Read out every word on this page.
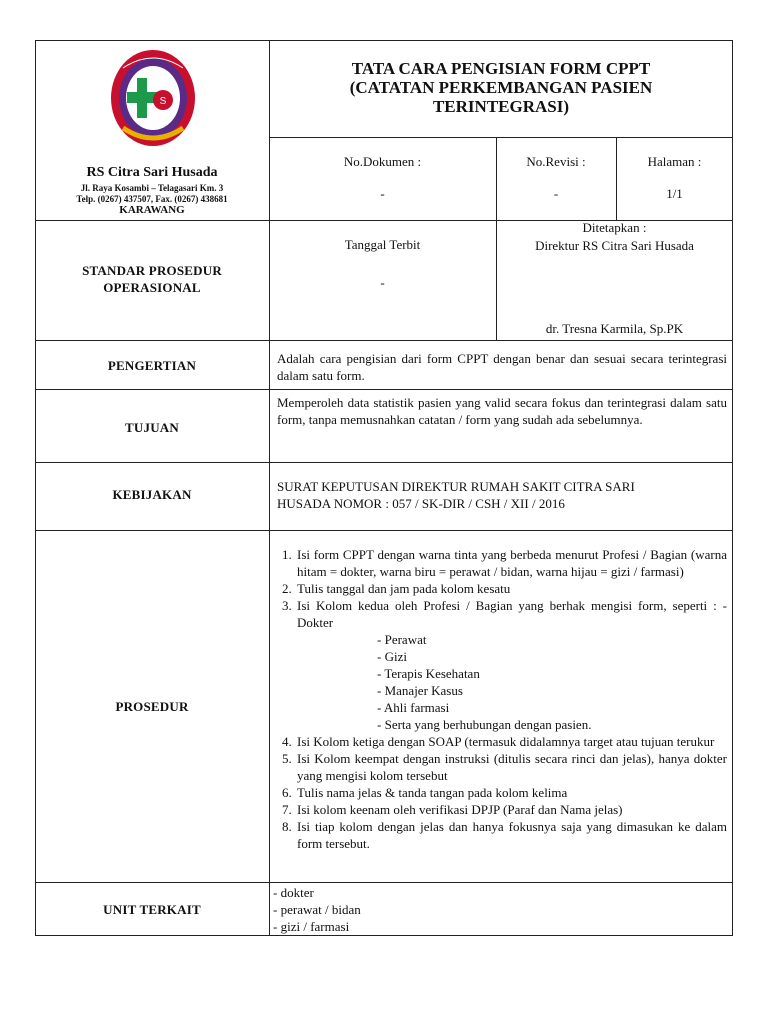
S
RS Citra Sari Husada
Jl. Raya Kosambi – Telagasari Km. 3
Telp. (0267) 437507, Fax. (0267) 438681
KARAWANG
TATA CARA PENGISIAN FORM CPPT
(CATATAN PERKEMBANGAN PASIEN
TERINTEGRASI)
No.Dokumen :
-
No.Revisi :
-
Halaman :
1/1
STANDAR PROSEDUR
OPERASIONAL
Tanggal Terbit
-
Ditetapkan :
Direktur RS Citra Sari Husada
dr. Tresna Karmila, Sp.PK
PENGERTIAN	Adalah cara pengisian dari form CPPT dengan benar dan sesuai secara terintegrasi dalam satu form.
TUJUAN
Memperoleh data statistik pasien yang valid secara fokus dan terintegrasi dalam satu form, tanpa memusnahkan catatan / form yang sudah ada sebelumnya.
KEBIJAKAN
SURAT KEPUTUSAN DIREKTUR RUMAH SAKIT CITRA SARI
HUSADA NOMOR : 057 / SK-DIR / CSH / XII / 2016
PROSEDUR
1. Isi form CPPT dengan warna tinta yang berbeda menurut Profesi / Bagian (warna hitam = dokter, warna biru = perawat / bidan, warna hijau = gizi / farmasi)
2. Tulis tanggal dan jam pada kolom kesatu
3. Isi Kolom kedua oleh Profesi / Bagian yang berhak mengisi form, seperti : - Dokter
- Perawat
- Gizi
- Terapis Kesehatan
- Manajer Kasus
- Ahli farmasi
- Serta yang berhubungan dengan pasien.
4. Isi Kolom ketiga dengan SOAP (termasuk didalamnya target atau tujuan terukur
5. Isi Kolom keempat dengan instruksi (ditulis secara rinci dan jelas), hanya dokter yang mengisi kolom tersebut
6. Tulis nama jelas & tanda tangan pada kolom kelima
7. Isi kolom keenam oleh verifikasi DPJP (Paraf dan Nama jelas)
8. Isi tiap kolom dengan jelas dan hanya fokusnya saja yang dimasukan ke dalam form tersebut.
UNIT TERKAIT
- dokter
- perawat / bidan
- gizi / farmasi
